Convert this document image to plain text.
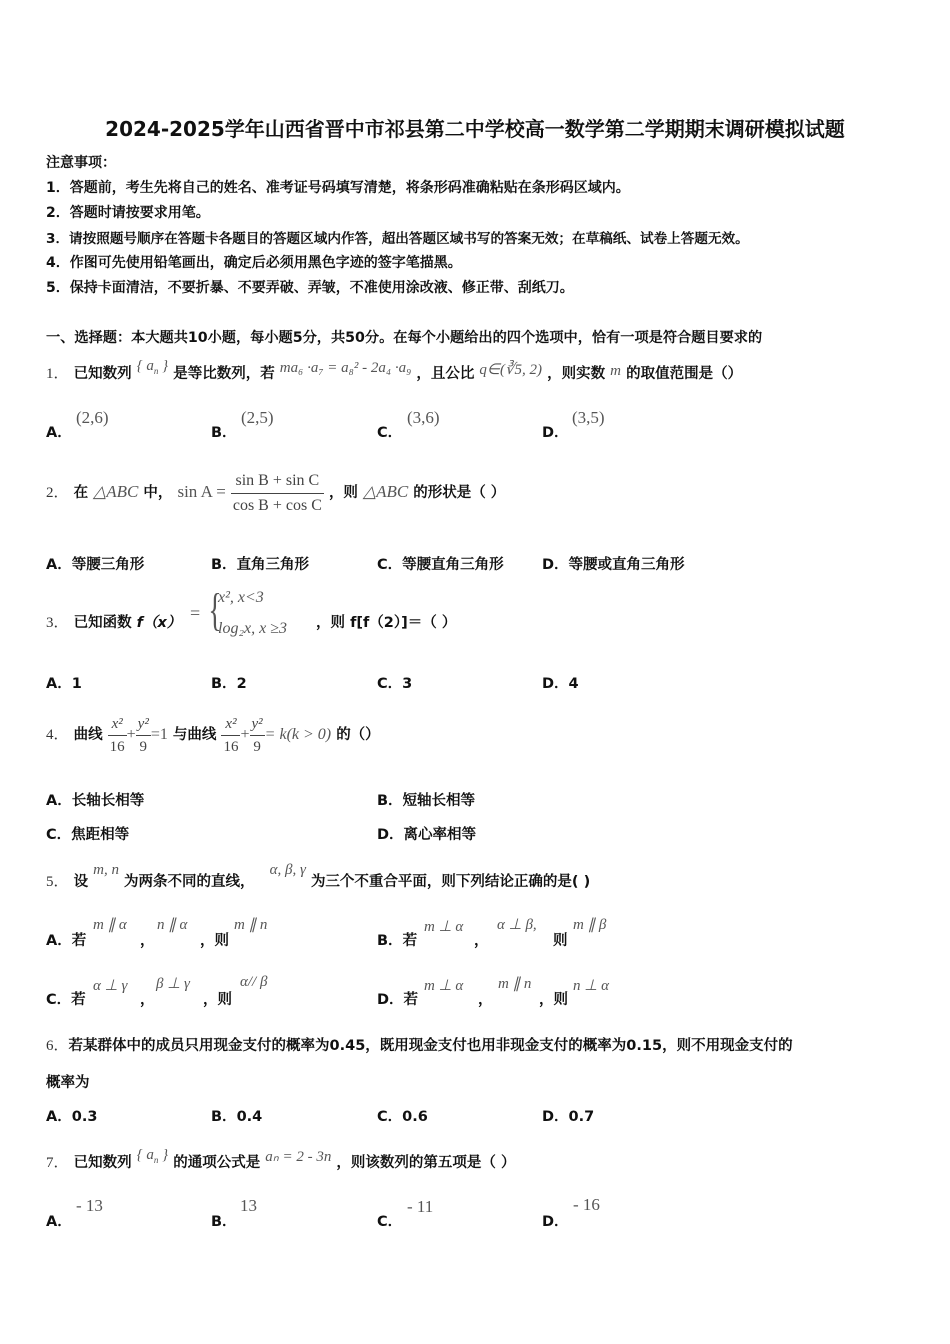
2024-2025学年山西省晋中市祁县第二中学校高一数学第二学期期末调研模拟试题
注意事项：
1．答题前，考生先将自己的姓名、准考证号码填写清楚，将条形码准确粘贴在条形码区域内。
2．答题时请按要求用笔。
3．请按照题号顺序在答题卡各题目的答题区域内作答，超出答题区域书写的答案无效；在草稿纸、试卷上答题无效。
4．作图可先使用铅笔画出，确定后必须用黑色字迹的签字笔描黑。
5．保持卡面清洁，不要折暴、不要弄破、弄皱，不准使用涂改液、修正带、刮纸刀。
一、选择题：本大题共10小题，每小题5分，共50分。在每个小题给出的四个选项中，恰有一项是符合题目要求的
1． 已知数列 { $a_n$ } 是等比数列，若 ma₆ ·a₇ = a₈² - 2a₄ ·a₉ ，且公比 q∈(∛5, 2) ，则实数 m 的取值范围是（）
A．
(2,6)
B．
(2,5)
C．
(3,6)
D．
(3,5)
2． 在 △ABC 中， $\sin A = \frac{\text{sin B + sin C}}{\text{cos B + cos C}}$ ，则 △ABC 的形状是（ ）
A．等腰三角形	B．直角三角形	C．等腰直角三角形	D．等腰或直角三角形
3． 已知函数 f（x） = {
x², x<3
log₂x, x ≥3 ，则 f[f（2）]＝（ ）
A．1	B．2	C．3	D．4
4． 曲线 $\frac{\text{x²}}{16} + \frac{\text{y²}}{9} =1$ 与曲线 $\frac{\text{x²}}{16} + \frac{\text{y²}}{9} = k(k > 0)$ 的（）
A．长轴长相等	B．短轴长相等
C．焦距相等	D．离心率相等
5． 设 m, n 为两条不同的直线， α, β, γ 为三个不重合平面，则下列结论正确的是( )
A．若
m ∥ α
，
n ∥ α
，则
m ∥ n
B．若
m ⊥ α
，
α ⊥ β,
则
m ∥ β
C．若
α ⊥ γ
，
β ⊥ γ
，则
α// β
D．若
m ⊥ α
，
m ∥ n
，则
n ⊥ α
6．若某群体中的成员只用现金支付的概率为0.45，既用现金支付也用非现金支付的概率为0.15，则不用现金支付的
概率为
A．0.3	B．0.4	C．0.6	D．0.7
7． 已知数列 { $a_n$ } 的通项公式是 aₙ = 2 - 3n ，则该数列的第五项是（ ）
A．
- 13
B．
13
C．
- 11
D．
- 16
